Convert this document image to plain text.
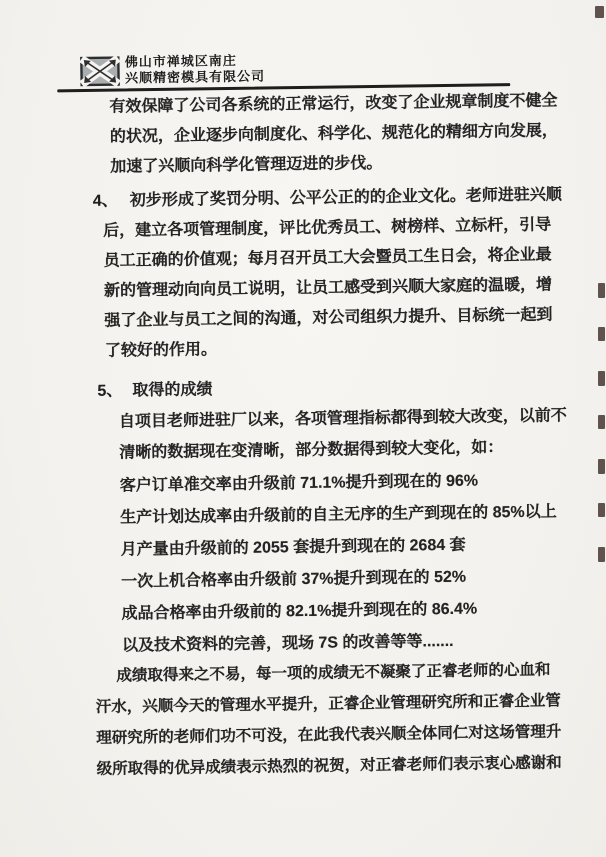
佛山市禅城区南庄
兴顺精密模具有限公司
有效保障了公司各系统的正常运行，改变了企业规章制度不健全
的状况，企业逐步向制度化、科学化、规范化的精细方向发展，
加速了兴顺向科学化管理迈进的步伐。
4、 初步形成了奖罚分明、公平公正的的企业文化。老师进驻兴顺
后，建立各项管理制度，评比优秀员工、树榜样、立标杆，引导
员工正确的价值观；每月召开员工大会暨员工生日会，将企业最
新的管理动向向员工说明，让员工感受到兴顺大家庭的温暖，增
强了企业与员工之间的沟通，对公司组织力提升、目标统一起到
了较好的作用。
5、 取得的成绩
自项目老师进驻厂以来，各项管理指标都得到较大改变，以前不
清晰的数据现在变清晰，部分数据得到较大变化，如：
客户订单准交率由升级前 71.1%提升到现在的 96%
生产计划达成率由升级前的自主无序的生产到现在的 85%以上
月产量由升级前的 2055 套提升到现在的 2684 套
一次上机合格率由升级前 37%提升到现在的 52%
成品合格率由升级前的 82.1%提升到现在的 86.4%
以及技术资料的完善，现场 7S 的改善等等.......
成绩取得来之不易，每一项的成绩无不凝聚了正睿老师的心血和
汗水，兴顺今天的管理水平提升，正睿企业管理研究所和正睿企业管
理研究所的老师们功不可没，在此我代表兴顺全体同仁对这场管理升
级所取得的优异成绩表示热烈的祝贺，对正睿老师们表示衷心感谢和
